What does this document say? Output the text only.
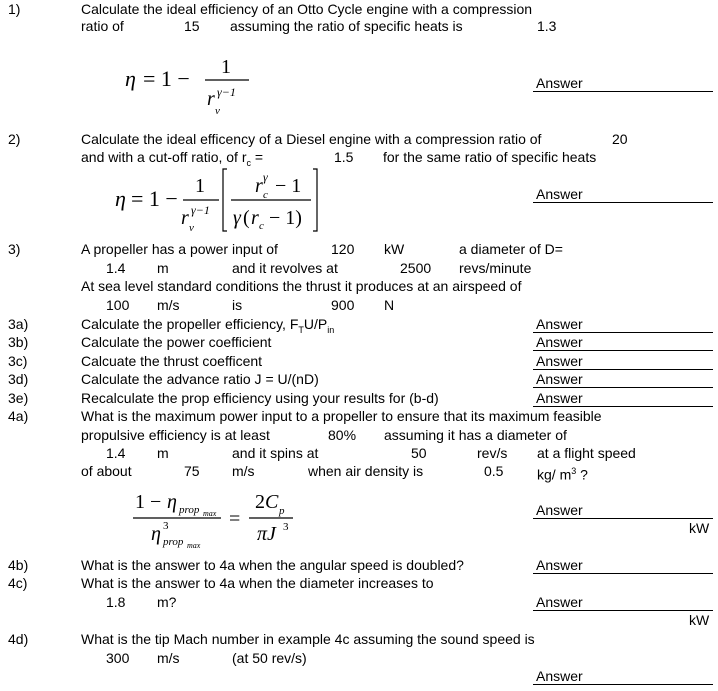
1)	Calculate the ideal efficiency of an Otto Cycle engine with a compression
ratio of	15 assuming the ratio of specific heats is	1.3
η = 1 − 1
r
v
γ−1
Answer
2)	Calculate the ideal efficency of a Diesel engine with a compression ratio of	20
and with a cut-off ratio, of $r_c$ =	1.5 for the same ratio of specific heats
η = 1 − 1
r v
γ−1
r c
γ − 1
γ ( r c − 1)
Answer
3)	A propeller has a power input of	120 kW	a diameter of D=
1.4 m	and it revolves at	2500 revs/minute
At sea level standard conditions the thrust it produces at an airspeed of
100 m/s	is	900 N
3a)	Calculate the propeller efficiency, $F_TU/P_{in}$	Answer
3b)	Calculate the power coefficient	Answer
3c)	Calcuate the thrust coefficent	Answer
3d)	Calculate the advance ratio J = U/(nD)	Answer
3e)	Recalculate the prop efficiency using your results for (b-d)	Answer
4a)	What is the maximum power input to a propeller to ensure that its maximum feasible
propulsive efficiency is at least	80% assuming it has a diameter of
1.4 m	and it spins at	50	rev/s at a flight speed
of about	75 m/s	when air density is	0.5 kg/ $m^3$ ?
1 − η prop max
η 3
prop max
=
2 C p
πJ 3
Answer
kW
4b)	What is the answer to 4a when the angular speed is doubled?	Answer
4c)	What is the answer to 4a when the diameter increases to
1.8 m?	Answer
kW
4d)	What is the tip Mach number in example 4c assuming the sound speed is
300 m/s	(at 50 rev/s)
Answer
